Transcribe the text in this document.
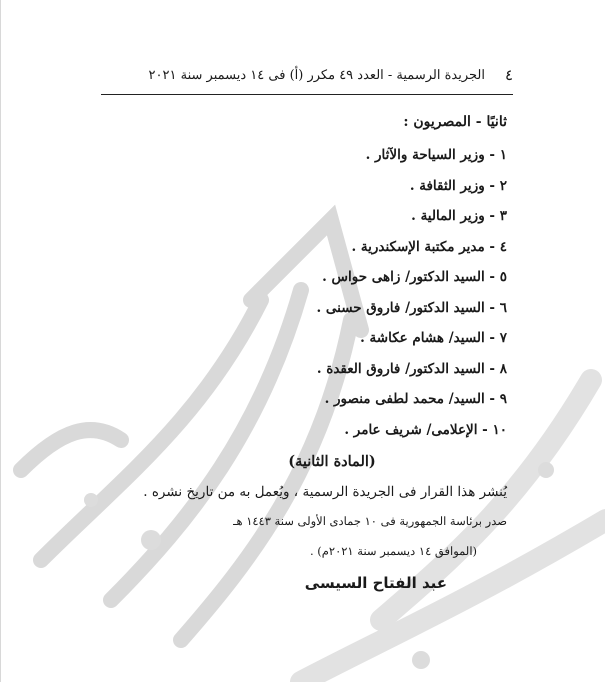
٤
الجريدة الرسمية - العدد ٤٩ مكرر (أ) فى ١٤ ديسمبر سنة ٢٠٢١
ثانيًا - المصريون :
١ - وزير السياحة والآثار .
٢ - وزير الثقافة .
٣ - وزير المالية .
٤ - مدير مكتبة الإسكندرية .
٥ - السيد الدكتور/ زاهى حواس .
٦ - السيد الدكتور/ فاروق حسنى .
٧ - السيد/ هشام عكاشة .
٨ - السيد الدكتور/ فاروق العقدة .
٩ - السيد/ محمد لطفى منصور .
١٠ - الإعلامى/ شريف عامر .
(المادة الثانية)
يُنشر هذا القرار فى الجريدة الرسمية ، ويُعمل به من تاريخ نشره .
صدر برئاسة الجمهورية فى ١٠ جمادى الأولى سنة ١٤٤٣ هـ
(الموافق ١٤ ديسمبر سنة ٢٠٢١م) .
عبد الفتاح السيسى
